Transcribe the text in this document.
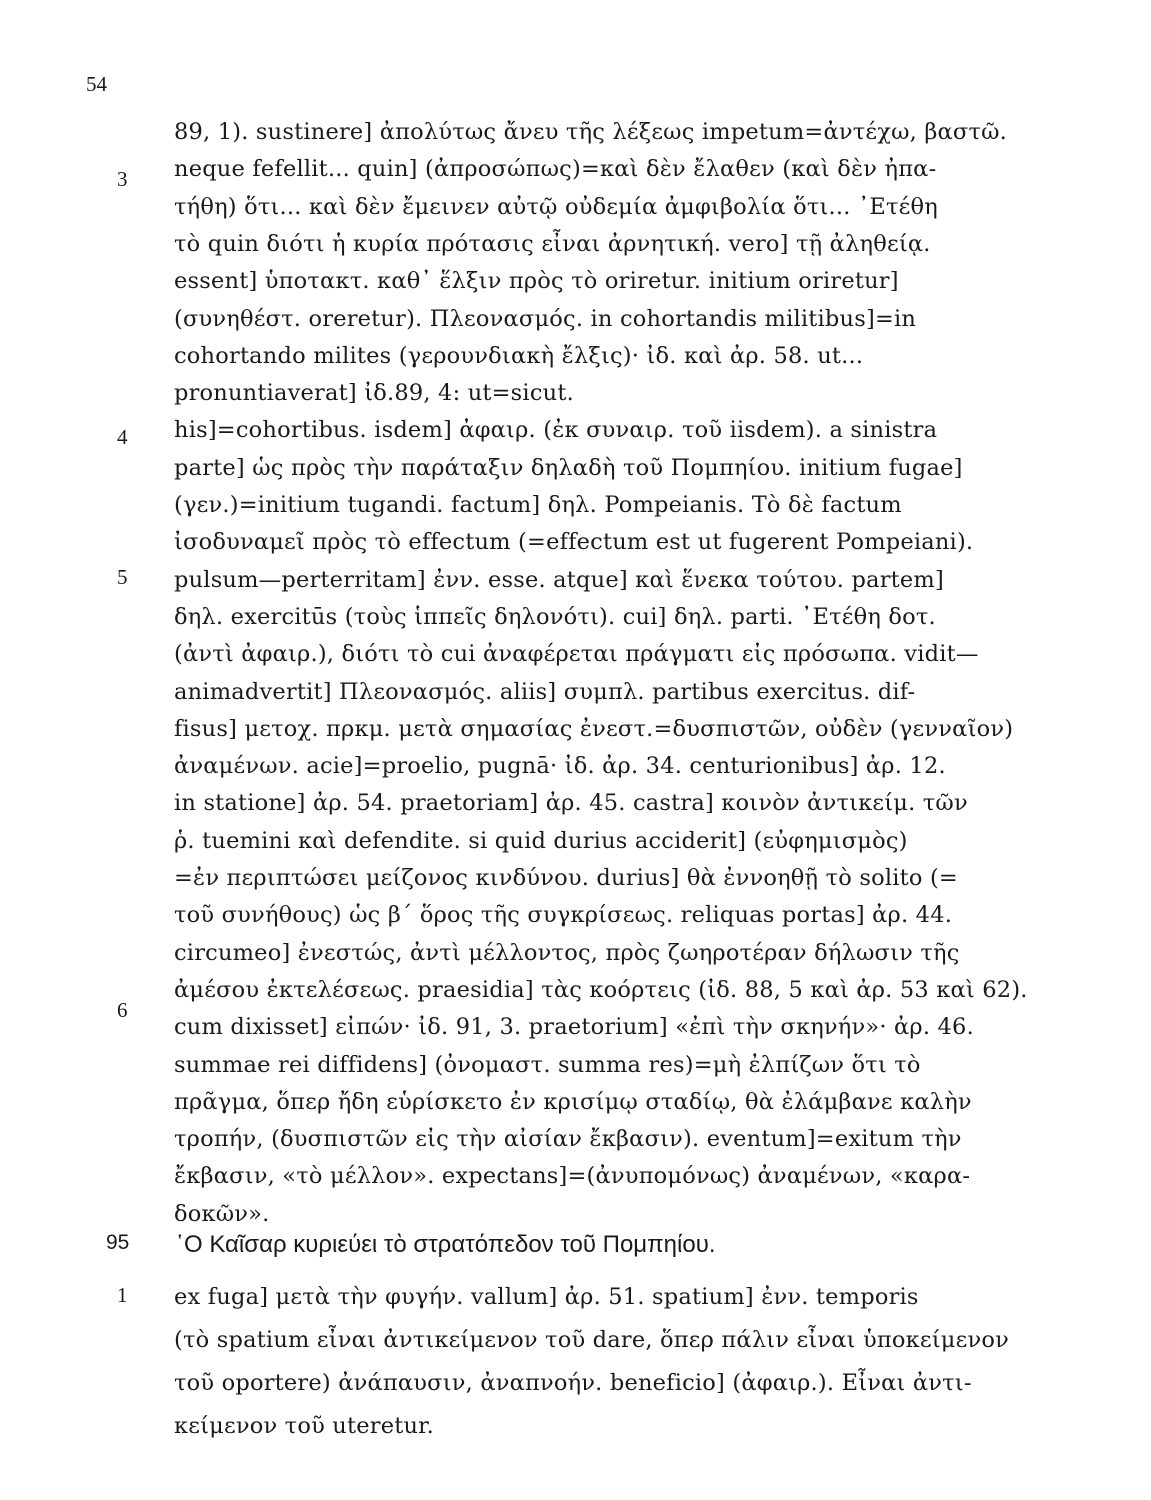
54
3
4
5
6
95
1
89, 1). sustinere] ἀπολύτως ἄνευ τῆς λέξεως impetum=ἀντέχω, βαστῶ.
neque fefellit... quin] (ἀπροσώπως)=καὶ δὲν ἔλαθεν (καὶ δὲν ἠπα-
τήθη) ὅτι... καὶ δὲν ἔμεινεν αὐτῷ οὐδεμία ἀμφιβολία ὅτι... ᾿Ετέθη
τὸ quin διότι ἡ κυρία πρότασις εἶναι ἀρνητική. vero] τῇ ἀληθείᾳ.
essent] ὑποτακτ. καθ᾿ ἕλξιν πρὸς τὸ oriretur. initium oriretur]
(συνηθέστ. oreretur). Πλεονασμός. in cohortandis militibus]=in
cohortando milites (γερουνδιακὴ ἔλξις)· ἰδ. καὶ ἀρ. 58. ut...
pronuntiaverat] ἰδ.89, 4: ut=sicut.
his]=cohortibus. isdem] ἀφαιρ. (ἐκ συναιρ. τοῦ iisdem). a sinistra
parte] ὡς πρὸς τὴν παράταξιν δηλαδὴ τοῦ Πομπηίου. initium fugae]
(γεν.)=initium tugandi. factum] δηλ. Pompeianis. Τὸ δὲ factum
ἰσοδυναμεῖ πρὸς τὸ effectum (=effectum est ut fugerent Pompeiani).
pulsum—perterritam] ἐνν. esse. atque] καὶ ἕνεκα τούτου. partem]
δηλ. exercitūs (τοὺς ἱππεῖς δηλονότι). cui] δηλ. parti. ᾿Ετέθη δοτ.
(ἀντὶ ἀφαιρ.), διότι τὸ cui ἀναφέρεται πράγματι εἰς πρόσωπα. vidit—
animadvertit] Πλεονασμός. aliis] συμπλ. partibus exercitus. dif-
fisus] μετοχ. πρκμ. μετὰ σημασίας ἐνεστ.=δυσπιστῶν, οὐδὲν (γενναῖον)
ἀναμένων. acie]=proelio, pugnā· ἰδ. ἀρ. 34. centurionibus] ἀρ. 12.
in statione] ἀρ. 54. praetoriam] ἀρ. 45. castra] κοινὸν ἀντικείμ. τῶν
ῥ. tuemini καὶ defendite. si quid durius acciderit] (εὐφημισμὸς)
=ἐν περιπτώσει μείζονος κινδύνου. durius] θὰ ἐννοηθῇ τὸ solito (=
τοῦ συνήθους) ὡς β΄ ὅρος τῆς συγκρίσεως. reliquas portas] ἀρ. 44.
circumeo] ἐνεστώς, ἀντὶ μέλλοντος, πρὸς ζωηροτέραν δήλωσιν τῆς
ἀμέσου ἐκτελέσεως. praesidia] τὰς κοόρτεις (ἰδ. 88, 5 καὶ ἀρ. 53 καὶ 62).
cum dixisset] εἰπών· ἰδ. 91, 3. praetorium] «ἐπὶ τὴν σκηνήν»· ἀρ. 46.
summae rei diffidens] (ὀνομαστ. summa res)=μὴ ἐλπίζων ὅτι τὸ
πρᾶγμα, ὅπερ ἤδη εὑρίσκετο ἐν κρισίμῳ σταδίῳ, θὰ ἐλάμβανε καλὴν
τροπήν, (δυσπιστῶν εἰς τὴν αἰσίαν ἔκβασιν). eventum]=exitum τὴν
ἔκβασιν, «τὸ μέλλον». expectans]=(ἀνυπομόνως) ἀναμένων, «καρα-
δοκῶν».
῾Ο Καῖσαρ κυριεύει τὸ στρατόπεδον τοῦ Πομπηίου.
ex fuga] μετὰ τὴν φυγήν. vallum] ἀρ. 51. spatium] ἐνν. temporis
(τὸ spatium εἶναι ἀντικείμενον τοῦ dare, ὅπερ πάλιν εἶναι ὑποκείμενον
τοῦ oportere) ἀνάπαυσιν, ἀναπνοήν. beneficio] (ἀφαιρ.). Εἶναι ἀντι-
κείμενον τοῦ uteretur.
